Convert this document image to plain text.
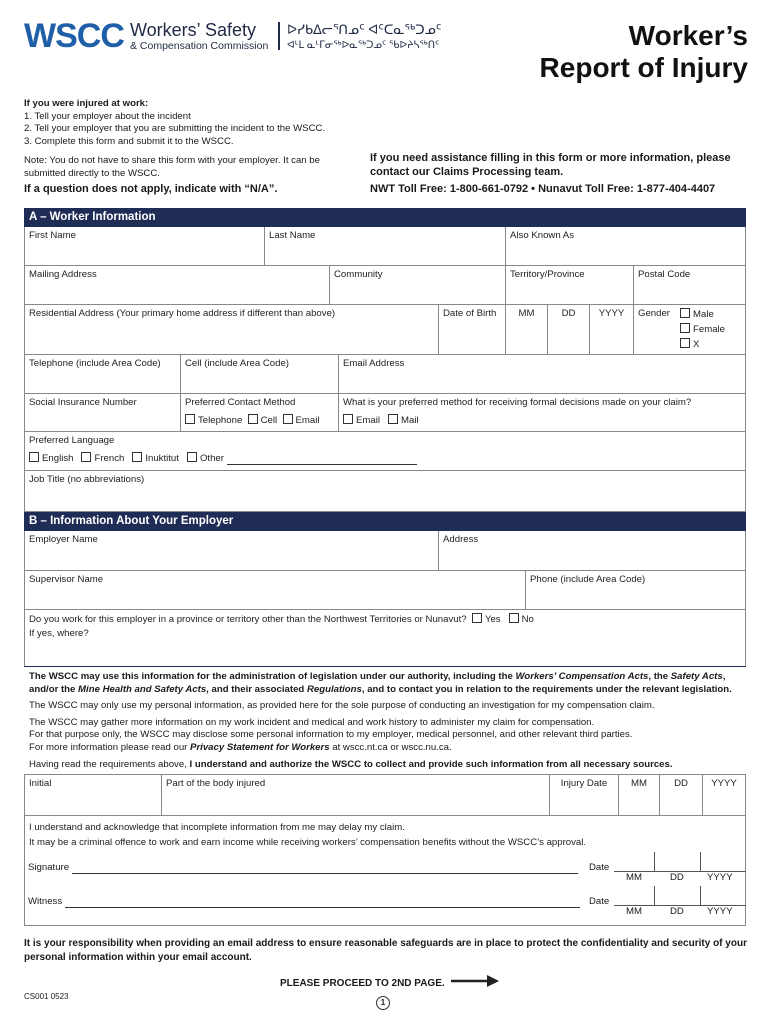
WSCC Workers’ Safety
& Compensation Commission
ᐅᓯᑲᐃᓕᕐᑎᓄᑦ ᐊᑦᑕᓇᖅᑐᓄᑦ
ᐊᒻᒪ ᓇᒻᒥᓂᖅᐅᓇᖅᑐᓄᑦ ᖃᐅᔨᓴᖅᑎᑦ	Worker’s
Report of Injury
If you were injured at work:
1. Tell your employer about the incident
2. Tell your employer that you are submitting the incident to the WSCC.
3. Complete this form and submit it to the WSCC.
Note: You do not have to share this form with your employer. It can be submitted directly to the WSCC.
If a question does not apply, indicate with “N/A”.
If you need assistance filling in this form or more information, please contact our Claims Processing team.
NWT Toll Free: 1-800-661-0792 • Nunavut Toll Free: 1-877-404-4407
A – Worker Information
First Name	Last Name	Also Known As
Mailing Address	Community	Territory/Province	Postal Code
Residential Address (Your primary home address if different than above)	Date of Birth	MM	DD	YYYY	Gender	Male
Female
X
Telephone (include Area Code)	Cell (include Area Code)	Email Address
Social Insurance Number	Preferred Contact Method
Telephone Cell Email
What is your preferred method for receiving formal decisions made on your claim?
Email Mail
Preferred Language
English French Inuktitut Other
Job Title (no abbreviations)
B – Information About Your Employer
Employer Name	Address
Supervisor Name	Phone (include Area Code)
Do you work for this employer in a province or territory other than the Northwest Territories or Nunavut? Yes No
If yes, where?

The WSCC may use this information for the administration of legislation under our authority, including the Workers’ Compensation Acts, the Safety Acts, and/or the Mine Health and Safety Acts, and their associated Regulations, and to contact you in relation to the requirements under the relevant legislation.

The WSCC may only use my personal information, as provided here for the sole purpose of conducting an investigation for my compensation claim.

The WSCC may gather more information on my work incident and medical and work history to administer my claim for compensation.
For that purpose only, the WSCC may disclose some personal information to my employer, medical personnel, and other relevant third parties.
For more information please read our Privacy Statement for Workers at wscc.nt.ca or wscc.nu.ca.

Having read the requirements above, I understand and authorize the WSCC to collect and provide such information from all necessary sources.

Initial	Part of the body injured	Injury Date	MM	DD	YYYY
I understand and acknowledge that incomplete information from me may delay my claim.
It may be a criminal offence to work and earn income while receiving workers’ compensation benefits without the WSCC’s approval.
Signature	Date
MM	DD YYYY
Witness	Date
MM	DD YYYY
It is your responsibility when providing an email address to ensure reasonable safeguards are in place to protect the confidentiality and security of your personal information within your email account.
PLEASE PROCEED TO 2ND PAGE.
CS001 0523
1
